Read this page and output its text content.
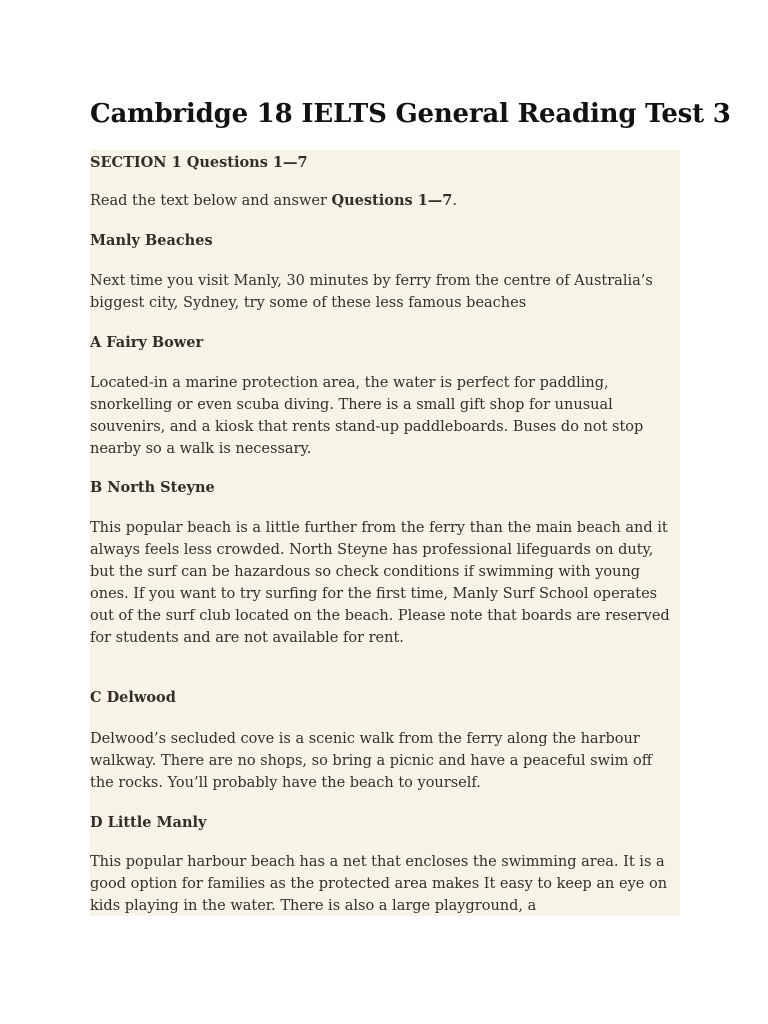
Cambridge 18 IELTS General Reading Test 3

SECTION 1 Questions 1—7

Read the text below and answer Questions 1—7.

Manly Beaches

Next time you visit Manly, 30 minutes by ferry from the centre of Australia’s biggest city, Sydney, try some of these less famous beaches

A Fairy Bower

Located-in a marine protection area, the water is perfect for paddling, snorkelling or even scuba diving. There is a small gift shop for unusual souvenirs, and a kiosk that rents stand-up paddleboards. Buses do not stop nearby so a walk is necessary.

B North Steyne

This popular beach is a little further from the ferry than the main beach and it always feels less crowded. North Steyne has professional lifeguards on duty, but the surf can be hazardous so check conditions if swimming with young ones. If you want to try surfing for the first time, Manly Surf School operates out of the surf club located on the beach. Please note that boards are reserved for students and are not available for rent.

C Delwood

Delwood’s secluded cove is a scenic walk from the ferry along the harbour walkway. There are no shops, so bring a picnic and have a peaceful swim off the rocks. You’ll probably have the beach to yourself.

D Little Manly

This popular harbour beach has a net that encloses the swimming area. It is a good option for families as the protected area makes It easy to keep an eye on kids playing in the water. There is also a large playground, a
